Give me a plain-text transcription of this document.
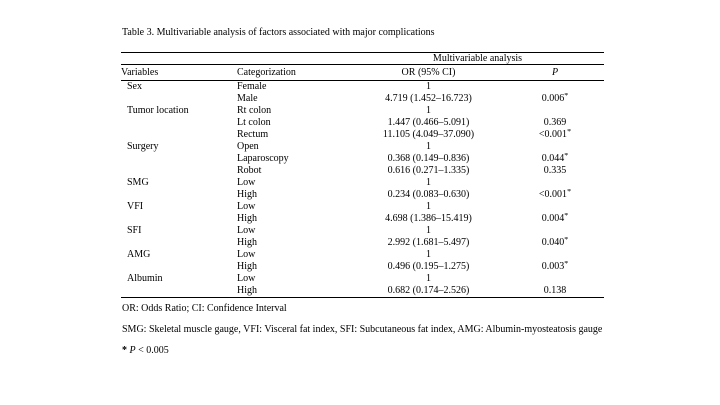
Table 3. Multivariable analysis of factors associated with major complications

		Multivariable analysis	
Variables	Categorization	OR (95% CI)	P
Sex	Female	1	
	Male	4.719 (1.452–16.723)	0.006*
Tumor location	Rt colon	1	
	Lt colon	1.447 (0.466–5.091)	0.369
	Rectum	11.105 (4.049–37.090)	<0.001*
Surgery	Open	1	
	Laparoscopy	0.368 (0.149–0.836)	0.044*
	Robot	0.616 (0.271–1.335)	0.335
SMG	Low	1	
	High	0.234 (0.083–0.630)	<0.001*
VFI	Low	1	
	High	4.698 (1.386–15.419)	0.004*
SFI	Low	1	
	High	2.992 (1.681–5.497)	0.040*
AMG	Low	1	
	High	0.496 (0.195–1.275)	0.003*
Albumin	Low	1	
	High	0.682 (0.174–2.526)	0.138

OR: Odds Ratio; CI: Confidence Interval

SMG: Skeletal muscle gauge, VFI: Visceral fat index, SFI: Subcutaneous fat index, AMG: Albumin-myosteatosis gauge

* P < 0.005
